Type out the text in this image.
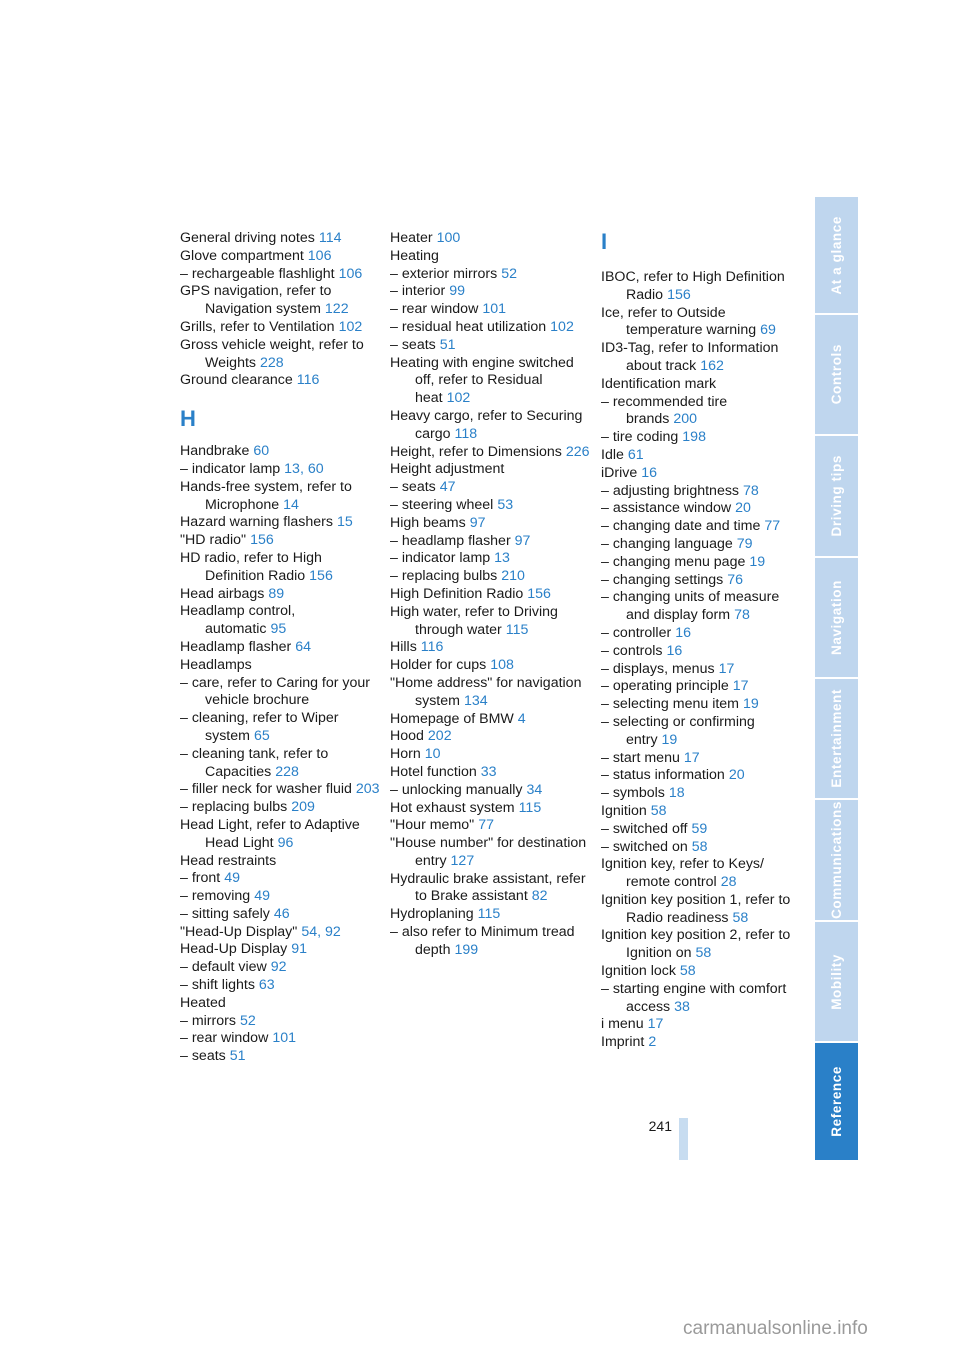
General driving notes 114
Glove compartment 106
– rechargeable flashlight 106
GPS navigation, refer to Navigation system 122
Grills, refer to Ventilation 102
Gross vehicle weight, refer to Weights 228
Ground clearance 116
H
Handbrake 60
– indicator lamp 13, 60
Hands-free system, refer to Microphone 14
Hazard warning flashers 15
"HD radio" 156
HD radio, refer to High Definition Radio 156
Head airbags 89
Headlamp control, automatic 95
Headlamp flasher 64
Headlamps
– care, refer to Caring for your vehicle brochure
– cleaning, refer to Wiper system 65
– cleaning tank, refer to Capacities 228
– filler neck for washer fluid 203
– replacing bulbs 209
Head Light, refer to Adaptive Head Light 96
Head restraints
– front 49
– removing 49
– sitting safely 46
"Head-Up Display" 54, 92
Head-Up Display 91
– default view 92
– shift lights 63
Heated
– mirrors 52
– rear window 101
– seats 51
Heater 100
Heating
– exterior mirrors 52
– interior 99
– rear window 101
– residual heat utilization 102
– seats 51
Heating with engine switched off, refer to Residual heat 102
Heavy cargo, refer to Securing cargo 118
Height, refer to Dimensions 226
Height adjustment
– seats 47
– steering wheel 53
High beams 97
– headlamp flasher 97
– indicator lamp 13
– replacing bulbs 210
High Definition Radio 156
High water, refer to Driving through water 115
Hills 116
Holder for cups 108
"Home address" for navigation system 134
Homepage of BMW 4
Hood 202
Horn 10
Hotel function 33
– unlocking manually 34
Hot exhaust system 115
"Hour memo" 77
"House number" for destination entry 127
Hydraulic brake assistant, refer to Brake assistant 82
Hydroplaning 115
– also refer to Minimum tread depth 199
I
IBOC, refer to High Definition Radio 156
Ice, refer to Outside temperature warning 69
ID3-Tag, refer to Information about track 162
Identification mark
– recommended tire brands 200
– tire coding 198
Idle 61
iDrive 16
– adjusting brightness 78
– assistance window 20
– changing date and time 77
– changing language 79
– changing menu page 19
– changing settings 76
– changing units of measure and display form 78
– controller 16
– controls 16
– displays, menus 17
– operating principle 17
– selecting menu item 19
– selecting or confirming entry 19
– start menu 17
– status information 20
– symbols 18
Ignition 58
– switched off 59
– switched on 58
Ignition key, refer to Keys/ remote control 28
Ignition key position 1, refer to Radio readiness 58
Ignition key position 2, refer to Ignition on 58
Ignition lock 58
– starting engine with comfort access 38
i menu 17
Imprint 2
241
At a glance
Controls
Driving tips
Navigation
Entertainment
Communications
Mobility
Reference
carmanualsonline.info
